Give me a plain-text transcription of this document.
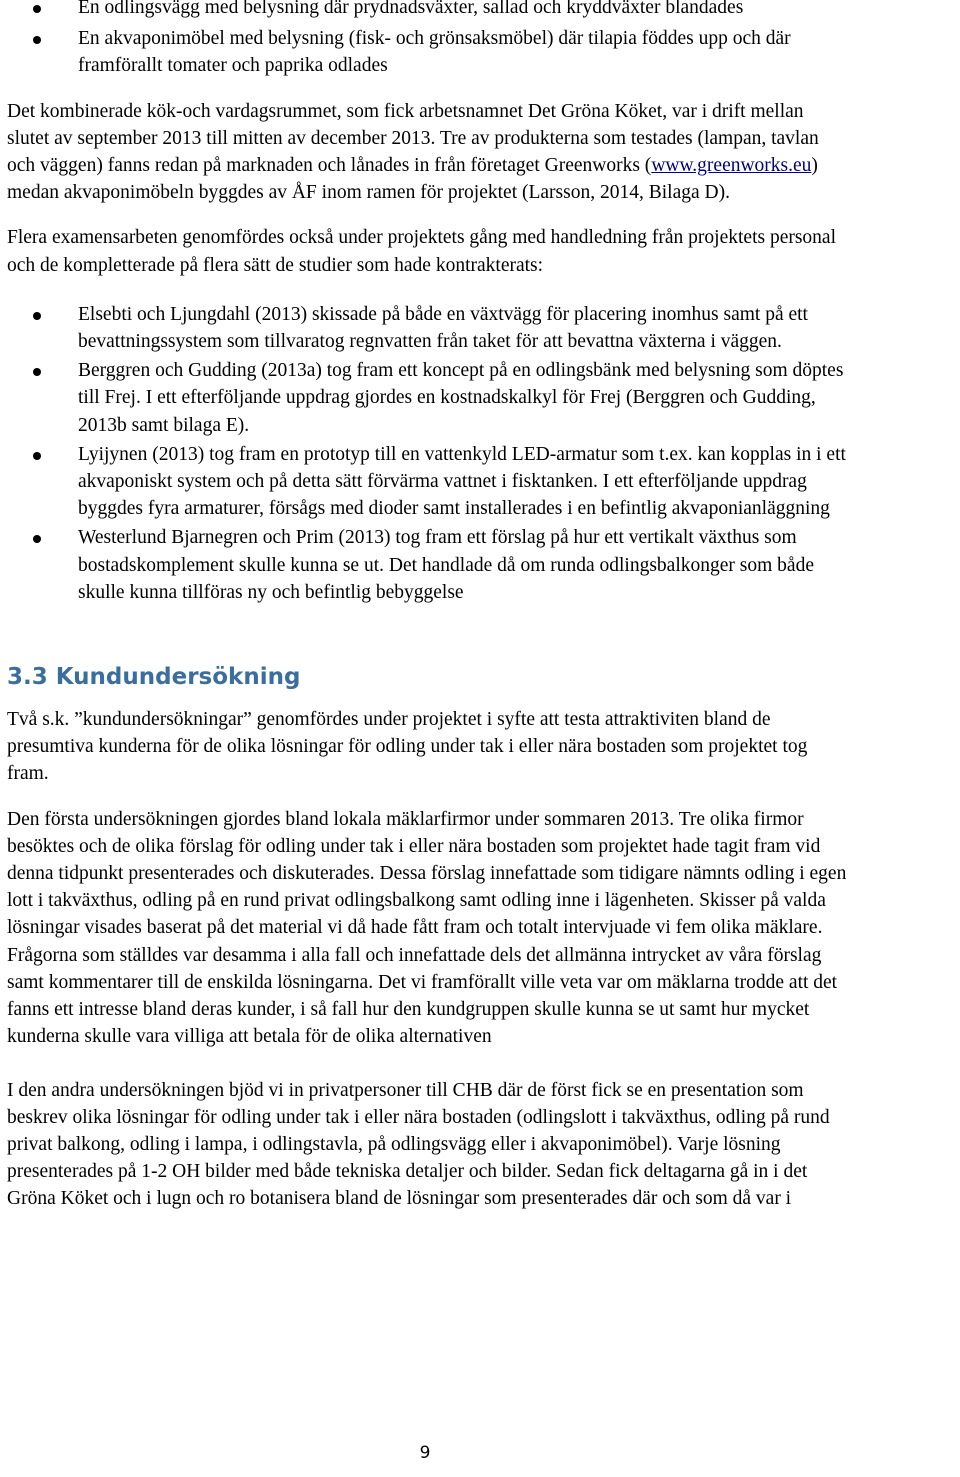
En odlingsvägg med belysning där prydnadsväxter, sallad och kryddväxter blandades
En akvaponimöbel med belysning (fisk- och grönsaksmöbel) där tilapia föddes upp och där framförallt tomater och paprika odlades

Det kombinerade kök-och vardagsrummet, som fick arbetsnamnet Det Gröna Köket, var i drift mellan slutet av september 2013 till mitten av december 2013. Tre av produkterna som testades (lampan, tavlan och väggen) fanns redan på marknaden och lånades in från företaget Greenworks (www.greenworks.eu) medan akvaponimöbeln byggdes av ÅF inom ramen för projektet (Larsson, 2014, Bilaga D).

Flera examensarbeten genomfördes också under projektets gång med handledning från projektets personal och de kompletterade på flera sätt de studier som hade kontrakterats:

Elsebti och Ljungdahl (2013) skissade på både en växtvägg för placering inomhus samt på ett bevattningssystem som tillvaratog regnvatten från taket för att bevattna växterna i väggen.
Berggren och Gudding (2013a) tog fram ett koncept på en odlingsbänk med belysning som döptes till Frej. I ett efterföljande uppdrag gjordes en kostnadskalkyl för Frej (Berggren och Gudding, 2013b samt bilaga E).
Lyijynen (2013) tog fram en prototyp till en vattenkyld LED-armatur som t.ex. kan kopplas in i ett akvaponiskt system och på detta sätt förvärma vattnet i fisktanken. I ett efterföljande uppdrag byggdes fyra armaturer, försågs med dioder samt installerades i en befintlig akvaponianläggning
Westerlund Bjarnegren och Prim (2013) tog fram ett förslag på hur ett vertikalt växthus som bostadskomplement skulle kunna se ut. Det handlade då om runda odlingsbalkonger som både skulle kunna tillföras ny och befintlig bebyggelse
3.3 Kundundersökning

Två s.k. ”kundundersökningar” genomfördes under projektet i syfte att testa attraktiviten bland de presumtiva kunderna för de olika lösningar för odling under tak i eller nära bostaden som projektet tog fram.

Den första undersökningen gjordes bland lokala mäklarfirmor under sommaren 2013. Tre olika firmor besöktes och de olika förslag för odling under tak i eller nära bostaden som projektet hade tagit fram vid denna tidpunkt presenterades och diskuterades. Dessa förslag innefattade som tidigare nämnts odling i egen lott i takväxthus, odling på en rund privat odlingsbalkong samt odling inne i lägenheten. Skisser på valda lösningar visades baserat på det material vi då hade fått fram och totalt intervjuade vi fem olika mäklare. Frågorna som ställdes var desamma i alla fall och innefattade dels det allmänna intrycket av våra förslag samt kommentarer till de enskilda lösningarna. Det vi framförallt ville veta var om mäklarna trodde att det fanns ett intresse bland deras kunder, i så fall hur den kundgruppen skulle kunna se ut samt hur mycket kunderna skulle vara villiga att betala för de olika alternativen

I den andra undersökningen bjöd vi in privatpersoner till CHB där de först fick se en presentation som beskrev olika lösningar för odling under tak i eller nära bostaden (odlingslott i takväxthus, odling på rund privat balkong, odling i lampa, i odlingstavla, på odlingsvägg eller i akvaponimöbel). Varje lösning presenterades på 1-2 OH bilder med både tekniska detaljer och bilder. Sedan fick deltagarna gå in i det Gröna Köket och i lugn och ro botanisera bland de lösningar som presenterades där och som då var i

9
